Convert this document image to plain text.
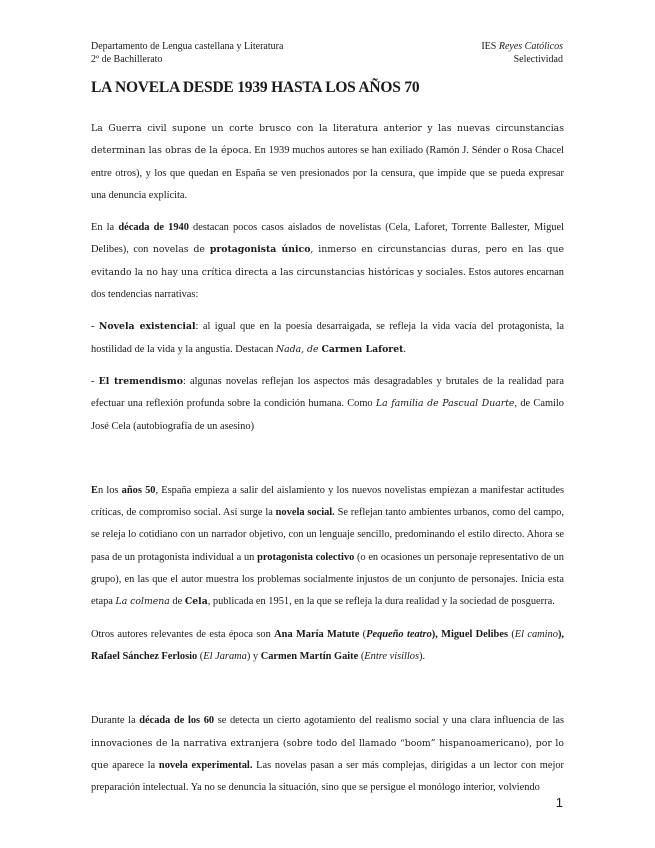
Departamento de Lengua castellana y Literatura
2º de Bachillerato
IES Reyes Católicos
Selectividad
LA NOVELA DESDE 1939 HASTA LOS AÑOS 70

La Guerra civil supone un corte brusco con la literatura anterior y las nuevas circunstancias determinan las obras de la época. En 1939 muchos autores se han exiliado (Ramón J. Sénder o Rosa Chacel entre otros), y los que quedan en España se ven presionados por la censura, que impide que se pueda expresar una denuncia explícita.

En la década de 1940 destacan pocos casos aislados de novelistas (Cela, Laforet, Torrente Ballester, Miguel Delibes), con novelas de protagonista único, inmerso en circunstancias duras, pero en las que evitando la no hay una crítica directa a las circunstancias históricas y sociales. Estos autores encarnan dos tendencias narrativas:

- Novela existencial: al igual que en la poesía desarraigada, se refleja la vida vacía del protagonista, la hostilidad de la vida y la angustia. Destacan Nada, de Carmen Laforet.

- El tremendismo: algunas novelas reflejan los aspectos más desagradables y brutales de la realidad para efectuar una reflexión profunda sobre la condición humana. Como La familia de Pascual Duarte, de Camilo José Cela (autobiografía de un asesino)

En los años 50, España empieza a salir del aislamiento y los nuevos novelistas empiezan a manifestar actitudes críticas, de compromiso social. Así surge la novela social. Se reflejan tanto ambientes urbanos, como del campo, se releja lo cotidiano con un narrador objetivo, con un lenguaje sencillo, predominando el estilo directo. Ahora se pasa de un protagonista individual a un protagonista colectivo (o en ocasiones un personaje representativo de un grupo), en las que el autor muestra los problemas socialmente injustos de un conjunto de personajes. Inicia esta etapa La colmena de Cela, publicada en 1951, en la que se refleja la dura realidad y la sociedad de posguerra.

Otros autores relevantes de esta época son Ana María Matute (Pequeño teatro), Miguel Delibes (El camino), Rafael Sánchez Ferlosio (El Jarama) y Carmen Martín Gaite (Entre visillos).

Durante la década de los 60 se detecta un cierto agotamiento del realismo social y una clara influencia de las innovaciones de la narrativa extranjera (sobre todo del llamado “boom” hispanoamericano), por lo que aparece la novela experimental. Las novelas pasan a ser más complejas, dirigidas a un lector con mejor preparación intelectual. Ya no se denuncia la situación, sino que se persigue el monólogo interior, volviendo

1
